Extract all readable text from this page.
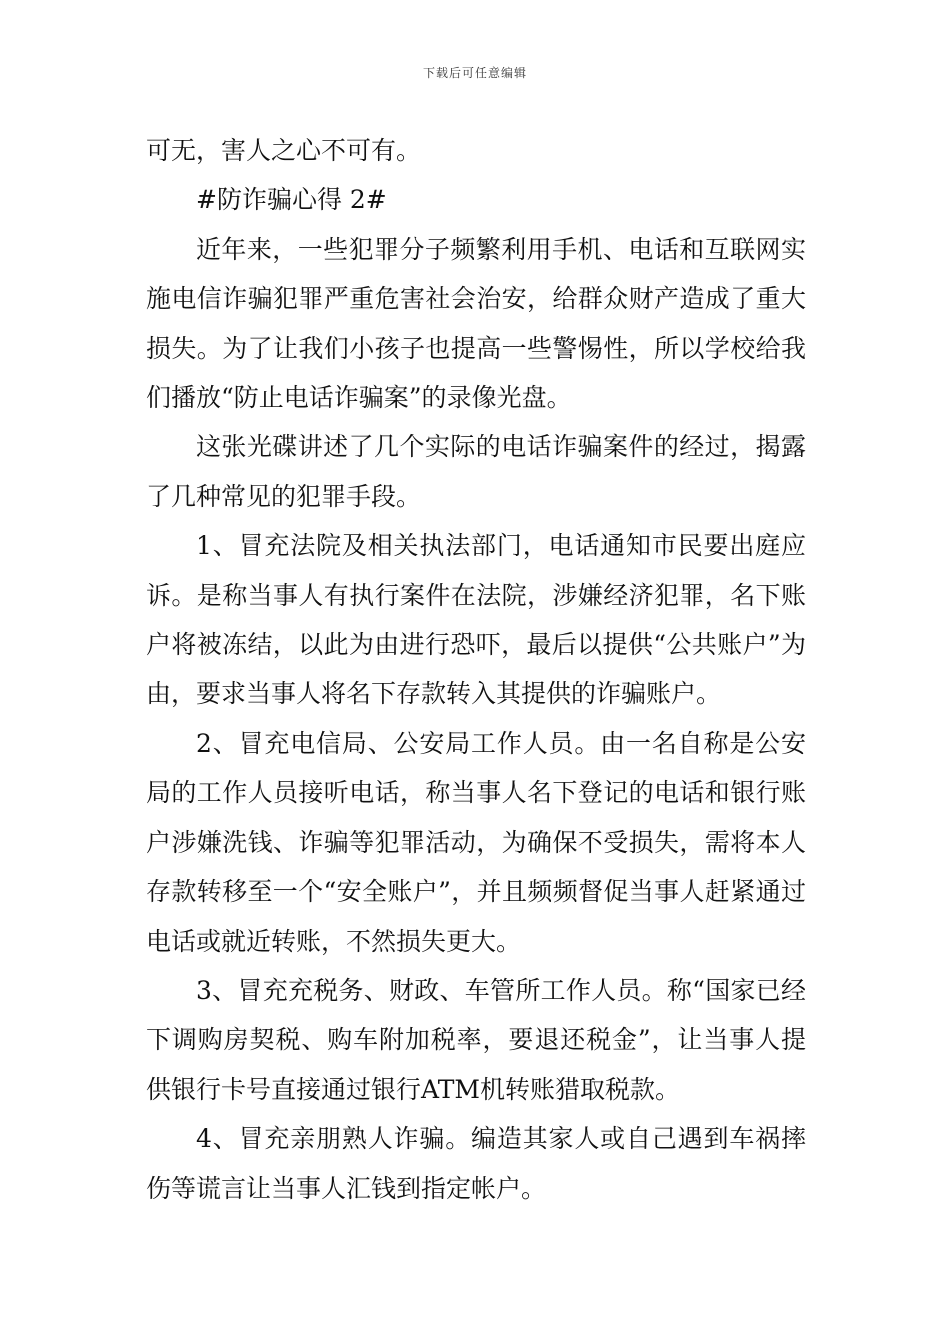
下载后可任意编辑

可无，害人之心不可有。

#防诈骗心得 2#

近年来，一些犯罪分子频繁利用手机、电话和互联网实施电信诈骗犯罪严重危害社会治安，给群众财产造成了重大损失。为了让我们小孩子也提高一些警惕性，所以学校给我们播放“防止电话诈骗案”的录像光盘。

这张光碟讲述了几个实际的电话诈骗案件的经过，揭露了几种常见的犯罪手段。

1、冒充法院及相关执法部门，电话通知市民要出庭应诉。是称当事人有执行案件在法院，涉嫌经济犯罪，名下账户将被冻结，以此为由进行恐吓，最后以提供“公共账户”为由，要求当事人将名下存款转入其提供的诈骗账户。

2、冒充电信局、公安局工作人员。由一名自称是公安局的工作人员接听电话，称当事人名下登记的电话和银行账户涉嫌洗钱、诈骗等犯罪活动，为确保不受损失，需将本人存款转移至一个“安全账户”，并且频频督促当事人赶紧通过电话或就近转账，不然损失更大。

3、冒充充税务、财政、车管所工作人员。称“国家已经下调购房契税、购车附加税率，要退还税金”，让当事人提供银行卡号直接通过银行ATM机转账猎取税款。

4、冒充亲朋熟人诈骗。编造其家人或自己遇到车祸摔伤等谎言让当事人汇钱到指定帐户。
